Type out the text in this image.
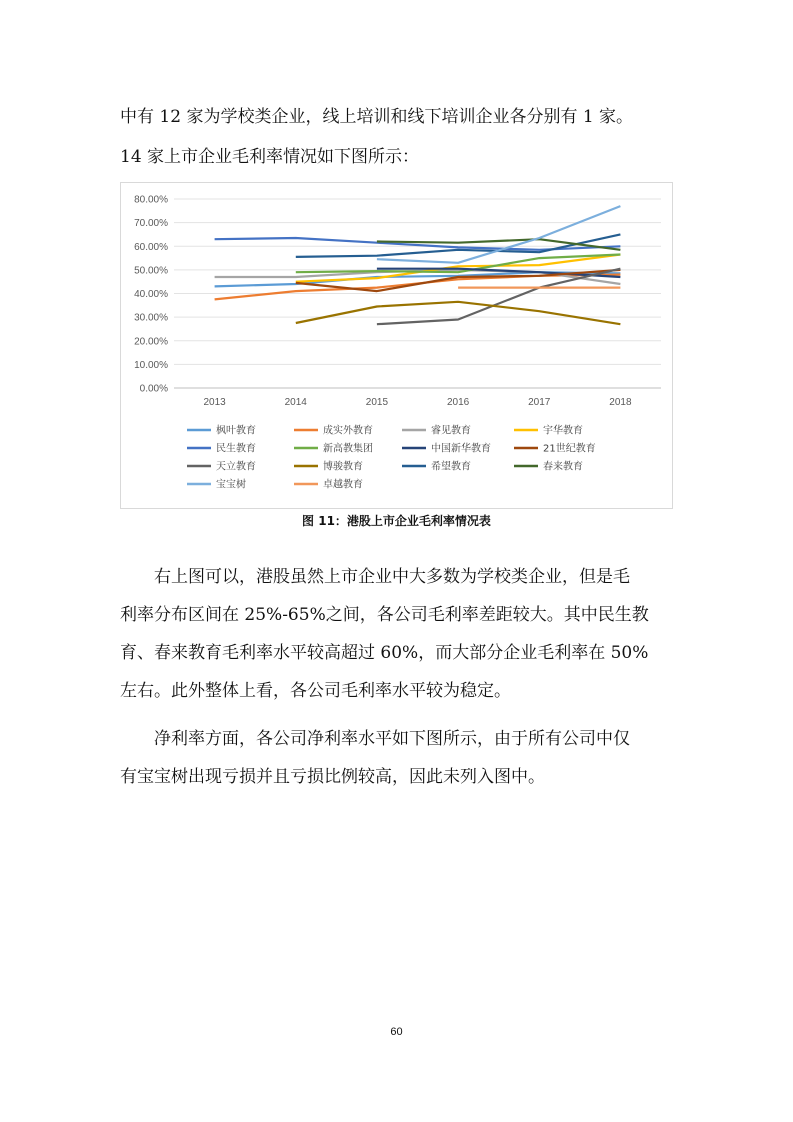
中有 12 家为学校类企业，线上培训和线下培训企业各分别有 1 家。

14 家上市企业毛利率情况如下图所示：

0.00%
10.00%
20.00%
30.00%
40.00%
50.00%
60.00%
70.00%
80.00%
2013	2014	2015	2016	2017	2018
枫叶教育	成实外教育	睿见教育	宇华教育
民生教育	新高教集团	中国新华教育	21世纪教育
天立教育	博骏教育	希望教育	春来教育
宝宝树	卓越教育
图 11：港股上市企业毛利率情况表

右上图可以，港股虽然上市企业中大多数为学校类企业，但是毛

利率分布区间在 25%-65%之间，各公司毛利率差距较大。其中民生教

育、春来教育毛利率水平较高超过 60%，而大部分企业毛利率在 50%

左右。此外整体上看，各公司毛利率水平较为稳定。

净利率方面，各公司净利率水平如下图所示，由于所有公司中仅

有宝宝树出现亏损并且亏损比例较高，因此未列入图中。

60
